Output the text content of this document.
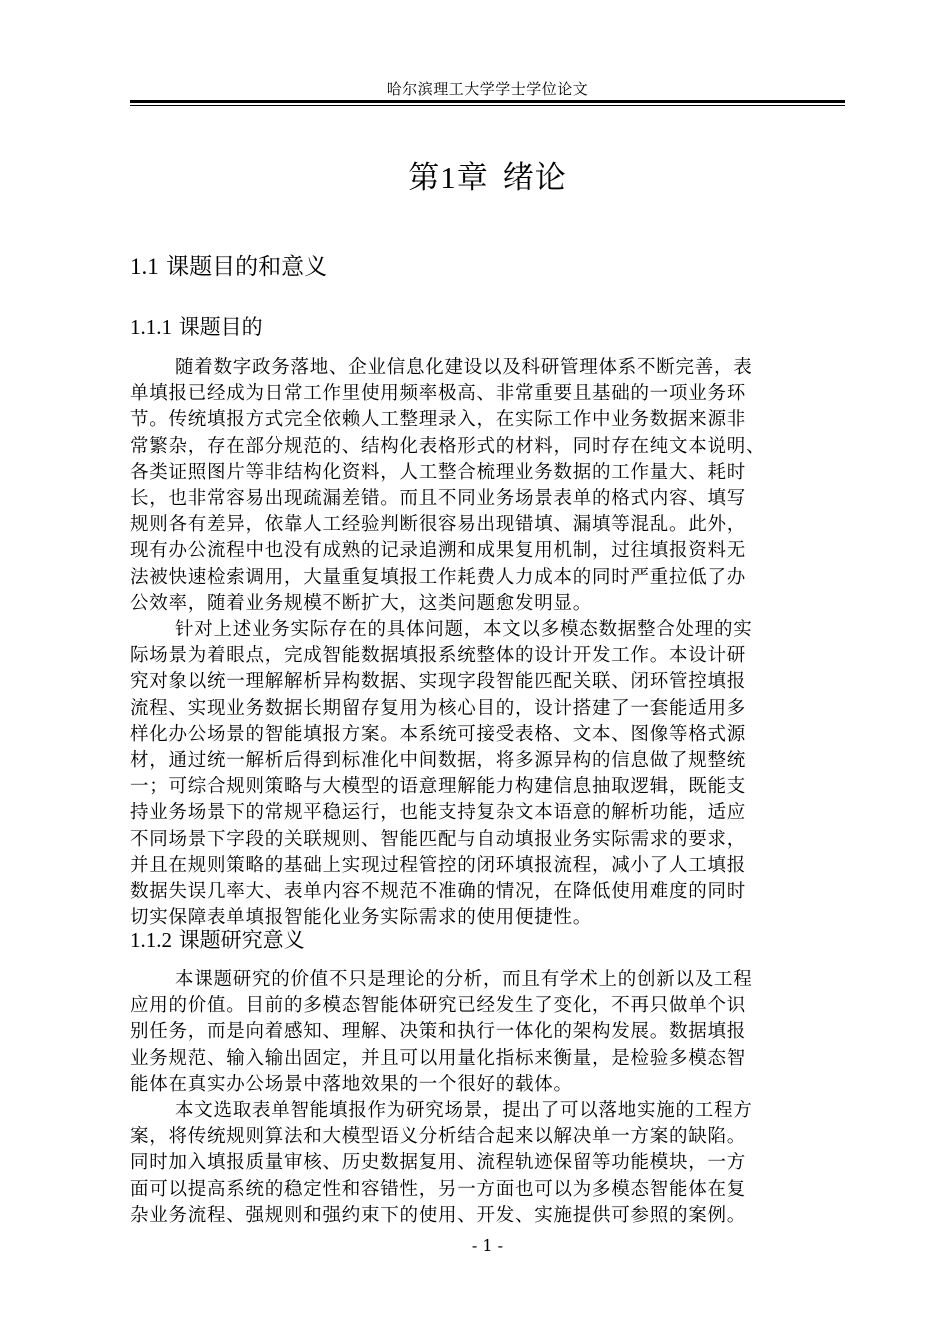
哈尔滨理工大学学士学位论文
第1章 绪论
1.1 课题目的和意义
1.1.1 课题目的
随着数字政务落地、企业信息化建设以及科研管理体系不断完善，表
单填报已经成为日常工作里使用频率极高、非常重要且基础的一项业务环
节。传统填报方式完全依赖人工整理录入，在实际工作中业务数据来源非
常繁杂，存在部分规范的、结构化表格形式的材料，同时存在纯文本说明、
各类证照图片等非结构化资料，人工整合梳理业务数据的工作量大、耗时
长，也非常容易出现疏漏差错。而且不同业务场景表单的格式内容、填写
规则各有差异，依靠人工经验判断很容易出现错填、漏填等混乱。此外，
现有办公流程中也没有成熟的记录追溯和成果复用机制，过往填报资料无
法被快速检索调用，大量重复填报工作耗费人力成本的同时严重拉低了办
公效率，随着业务规模不断扩大，这类问题愈发明显。
针对上述业务实际存在的具体问题，本文以多模态数据整合处理的实
际场景为着眼点，完成智能数据填报系统整体的设计开发工作。本设计研
究对象以统一理解解析异构数据、实现字段智能匹配关联、闭环管控填报
流程、实现业务数据长期留存复用为核心目的，设计搭建了一套能适用多
样化办公场景的智能填报方案。本系统可接受表格、文本、图像等格式源
材，通过统一解析后得到标准化中间数据，将多源异构的信息做了规整统
一；可综合规则策略与大模型的语意理解能力构建信息抽取逻辑，既能支
持业务场景下的常规平稳运行，也能支持复杂文本语意的解析功能，适应
不同场景下字段的关联规则、智能匹配与自动填报业务实际需求的要求，
并且在规则策略的基础上实现过程管控的闭环填报流程，减小了人工填报
数据失误几率大、表单内容不规范不准确的情况，在降低使用难度的同时
切实保障表单填报智能化业务实际需求的使用便捷性。
1.1.2 课题研究意义
本课题研究的价值不只是理论的分析，而且有学术上的创新以及工程
应用的价值。目前的多模态智能体研究已经发生了变化，不再只做单个识
别任务，而是向着感知、理解、决策和执行一体化的架构发展。数据填报
业务规范、输入输出固定，并且可以用量化指标来衡量，是检验多模态智
能体在真实办公场景中落地效果的一个很好的载体。
本文选取表单智能填报作为研究场景，提出了可以落地实施的工程方
案，将传统规则算法和大模型语义分析结合起来以解决单一方案的缺陷。
同时加入填报质量审核、历史数据复用、流程轨迹保留等功能模块，一方
面可以提高系统的稳定性和容错性，另一方面也可以为多模态智能体在复
杂业务流程、强规则和强约束下的使用、开发、实施提供可参照的案例。
- 1 -
